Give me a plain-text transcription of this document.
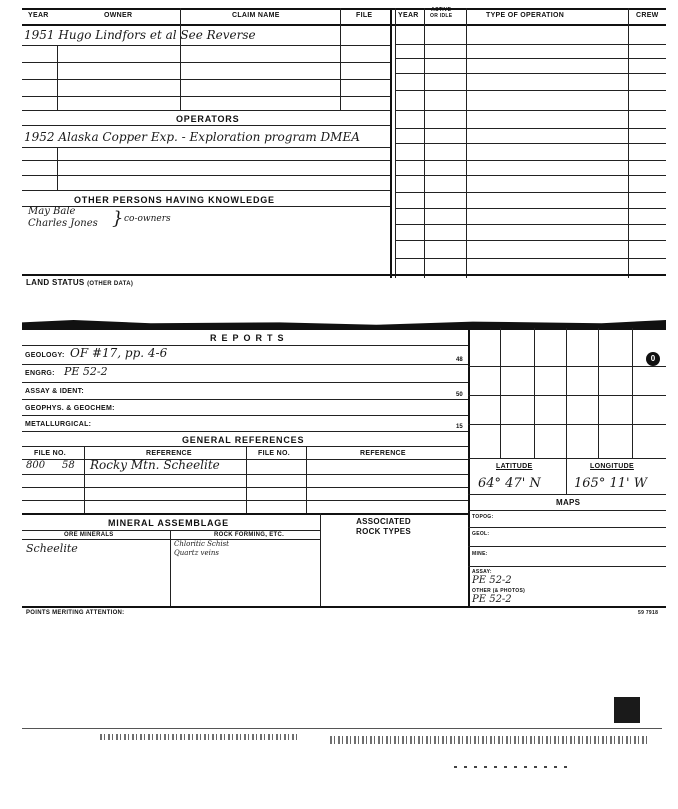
YEAR	OWNER	CLAIM NAME	FILE	YEAR
ACTIVE
OR IDLE	TYPE OF OPERATION	CREW
1951 Hugo Lindfors et al See Reverse
OPERATORS
1952 Alaska Copper Exp. - Exploration program DMEA
OTHER PERSONS HAVING KNOWLEDGE
May Bale
Charles Jones } co-owners
LAND STATUS (OTHER DATA)
REPORTS
GEOLOGY: OF #17, pp. 4-6	48
ENGRG: PE 52-2
ASSAY & IDENT:	50
GEOPHYS. & GEOCHEM:
METALLURGICAL:	15
GENERAL REFERENCES
FILE NO.	REFERENCE	FILE NO.	REFERENCE
800 58 Rocky Mtn. Scheelite
MINERAL ASSEMBLAGE	ASSOCIATED
ROCK TYPES
ORE MINERALS	ROCK FORMING, ETC.
Scheelite	Chloritic Schist
Quartz veins
POINTS MERITING ATTENTION:	59 7918
0
LATITUDE	LONGITUDE
64° 47' N	165° 11' W
MAPS
TOPOG:
GEOL:
MINE:
ASSAY:
PE 52-2
OTHER (& PHOTOS)
PE 52-2
